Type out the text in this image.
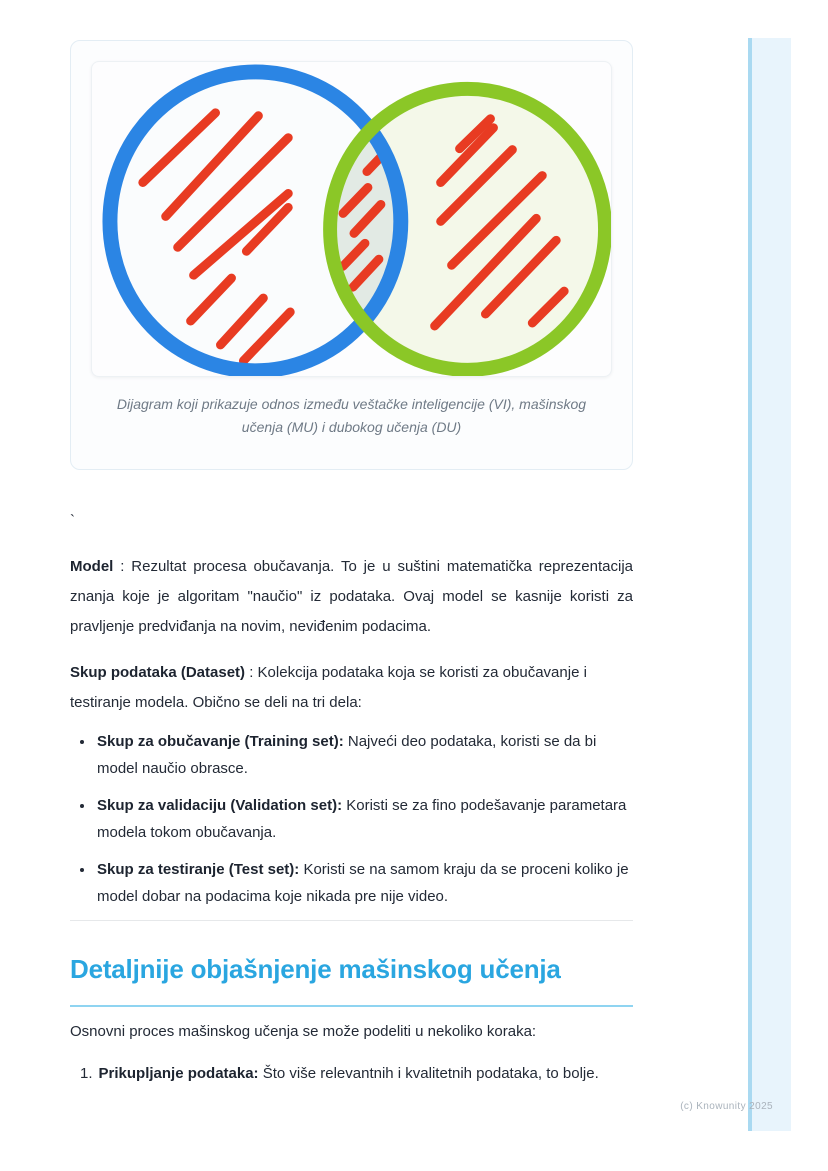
Dijagram koji prikazuje odnos između veštačke inteligencije (VI), mašinskog učenja (MU) i dubokog učenja (DU)

`

Model : Rezultat procesa obučavanja. To je u suštini matematička reprezentacija znanja koje je algoritam "naučio" iz podataka. Ovaj model se kasnije koristi za pravljenje predviđanja na novim, neviđenim podacima.

Skup podataka (Dataset) : Kolekcija podataka koja se koristi za obučavanje i testiranje modela. Obično se deli na tri dela:

• Skup za obučavanje (Training set): Najveći deo podataka, koristi se da bi model naučio obrasce.
• Skup za validaciju (Validation set): Koristi se za fino podešavanje parametara modela tokom obučavanja.
• Skup za testiranje (Test set): Koristi se na samom kraju da se proceni koliko je model dobar na podacima koje nikada pre nije video.
Detaljnije objašnjenje mašinskog učenja

Osnovni proces mašinskog učenja se može podeliti u nekoliko koraka:

1. Prikupljanje podataka: Što više relevantnih i kvalitetnih podataka, to bolje.
(c) Knowunity 2025
